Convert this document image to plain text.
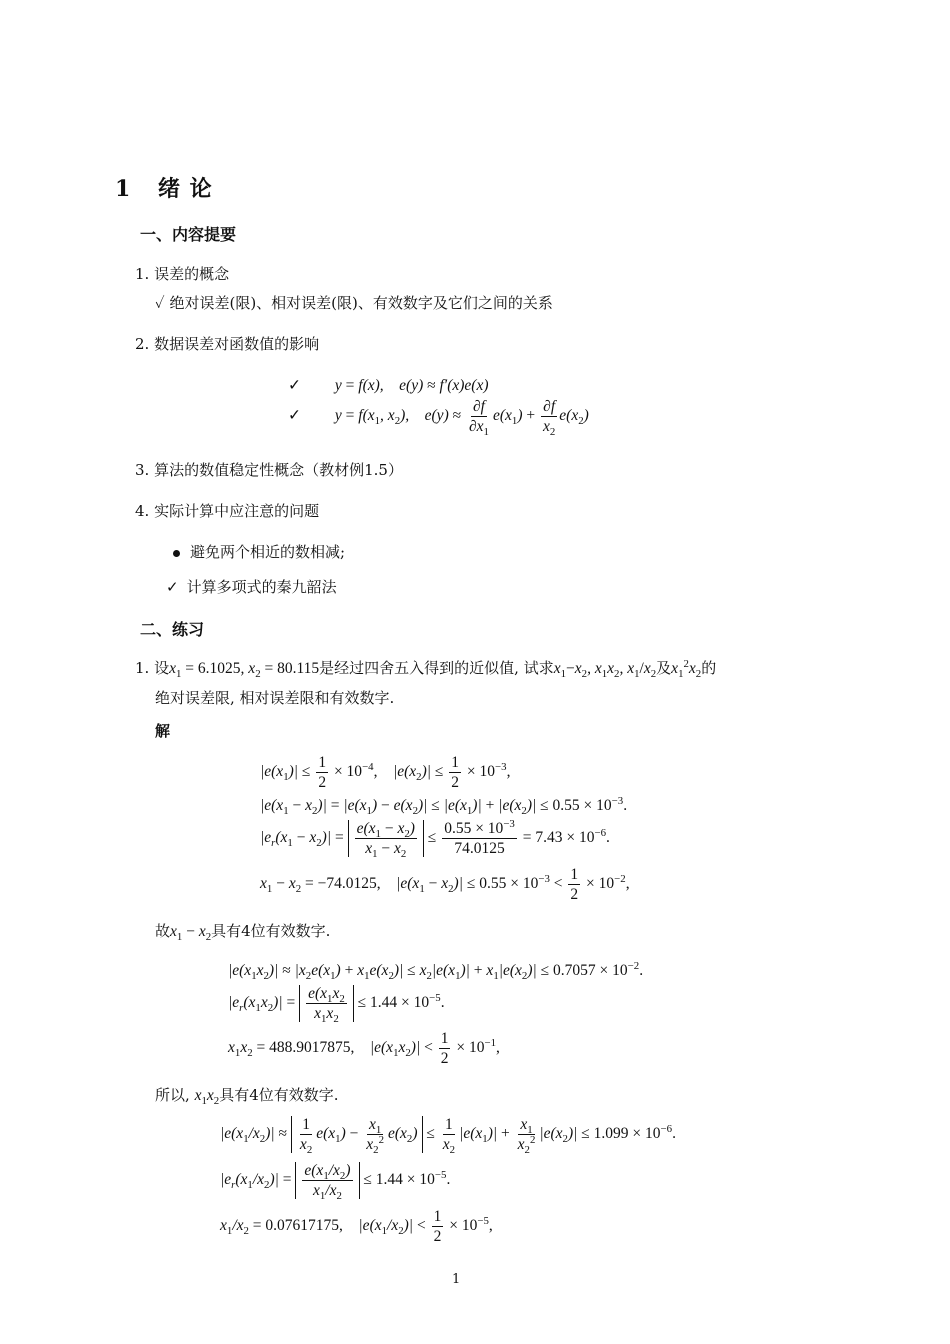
1 绪 论
一、内容提要
1. 误差的概念
✓ 绝对误差(限)、相对误差(限)、有效数字及它们之间的关系
2. 数据误差对函数值的影响
✓ y = f(x),    e(y) ≈ f′(x)e(x)
✓ $y = f(x_1$, $x_2$),    $e(y) \approx \frac{\partial f}{\partial x_1} e(x_1) + \frac{\partial f}{x_2} e(x_2)$
3. 算法的数值稳定性概念（教材例1.5）
4. 实际计算中应注意的问题
避免两个相近的数相减;
✓ 计算多项式的秦九韶法
二、练习
1. 设$x_1 = 6.1025$, $x_2 = 80.115$是经过四舍五入得到的近似值, 试求$x_1-x_2$, $x_1x_2$, $x_1/x_2$及$x_1^2x_2$的
绝对误差限, 相对误差限和有效数字.
解
$|e(x_1)| \le \frac{1}{2} \times 10^{-4}$,    $|e(x_2)| \le \frac{1}{2} \times 10^{-3}$,
$|e(x_1 - x_2)| = |e(x_1) - e(x_2)| \le |e(x_1)| + |e(x_2)| \le 0.55 \times 10^{-3}$.
$|e_r(x_1 - x_2)| = \frac{e(x_1 - x_2)}{x_1 - x_2} \le \frac{0.55 \times 10^{-3}}{74.0125} = 7.43 \times 10^{-6}$.
$x_1 - x_2 = -74.0125$,    $|e(x_1 - x_2)| \le 0.55 \times 10^{-3} < \frac{1}{2} \times 10^{-2}$,
故$x_1 - x_2$具有4位有效数字.
$|e(x_1x_2)| \approx |x_2e(x_1) + x_1e(x_2)| \le x_2|e(x_1)| + x_1|e(x_2)| \le 0.7057 \times 10^{-2}$.
$|e_r(x_1x_2)| = \frac{e(x_1x_2}{x_1x_2} \le 1.44 \times 10^{-5}$.
$x_1x_2 = 488.9017875$,    $|e(x_1x_2)| < \frac{1}{2} \times 10^{-1}$,
所以, $x_1x_2$具有4位有效数字.
$|e(x_1/x_2)| \approx \frac{1}{x_2} e(x_1) - \frac{x_1}{x_2^2} e(x_2) \le \frac{1}{x_2} |e(x_1)| + \frac{x_1}{x_2^2} |e(x_2)| \le 1.099 \times 10^{-6}$.
$|e_r(x_1/x_2)| = \frac{e(x_1/x_2)}{x_1/x_2} \le 1.44 \times 10^{-5}$.
$x_1/x_2 = 0.07617175$,    $|e(x_1/x_2)| < \frac{1}{2} \times 10^{-5}$,
1
